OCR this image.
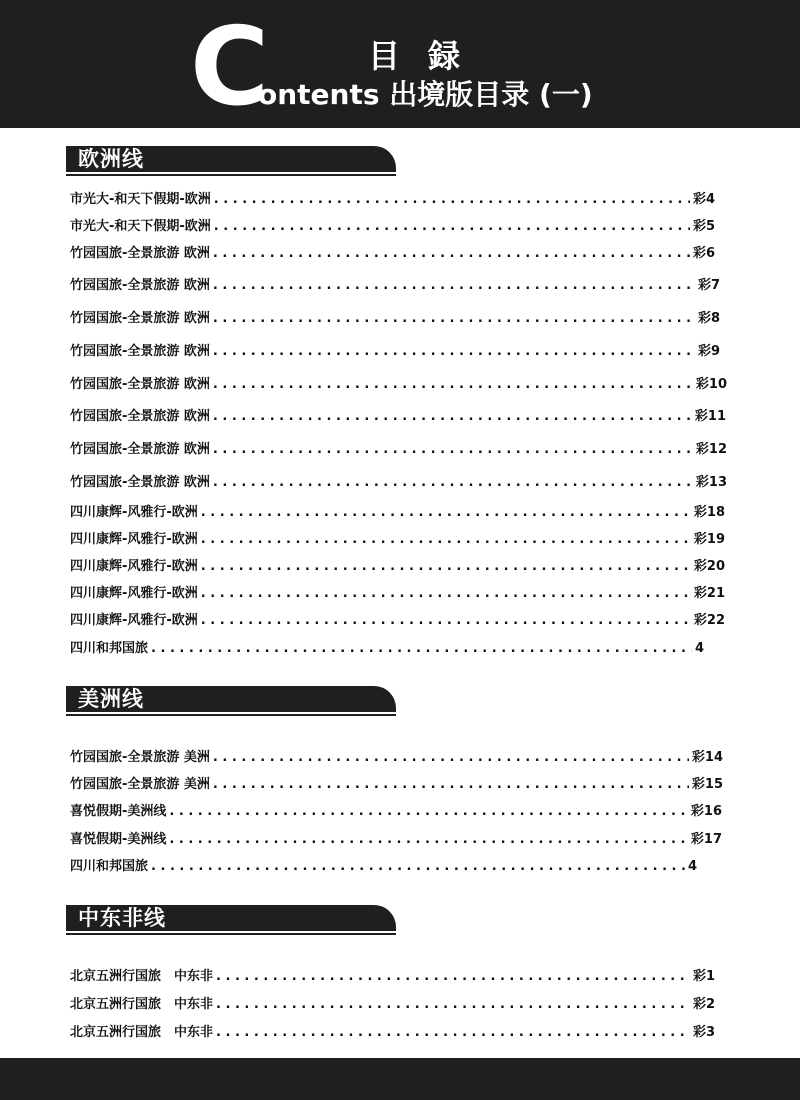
C	目録
ontents 出境版目录 (一)
欧洲线
市光大-和天下假期-欧洲 . . .	彩4
市光大-和天下假期-欧洲 . . .	彩5
竹园国旅-全景旅游 欧洲 . . .	彩6
竹园国旅-全景旅游 欧洲 . . .	彩7
竹园国旅-全景旅游 欧洲 . . .	彩8
竹园国旅-全景旅游 欧洲 . . .	彩9
竹园国旅-全景旅游 欧洲 . . .	彩10
竹园国旅-全景旅游 欧洲 . . .	彩11
竹园国旅-全景旅游 欧洲 . . .	彩12
竹园国旅-全景旅游 欧洲 . . .	彩13
四川康辉-风雅行-欧洲 . . .	彩18
四川康辉-风雅行-欧洲 . . .	彩19
四川康辉-风雅行-欧洲 . . .	彩20
四川康辉-风雅行-欧洲 . . .	彩21
四川康辉-风雅行-欧洲 . . .	彩22
四川和邦国旅 . . .	4
美洲线
竹园国旅-全景旅游 美洲 . . .	彩14
竹园国旅-全景旅游 美洲 . . .	彩15
喜悦假期-美洲线 . . .	彩16
喜悦假期-美洲线 . . .	彩17
四川和邦国旅 . . .	4
中东非线
北京五洲行国旅　中东非 . . .	彩1
北京五洲行国旅　中东非 . . .	彩2
北京五洲行国旅　中东非 . . .	彩3
